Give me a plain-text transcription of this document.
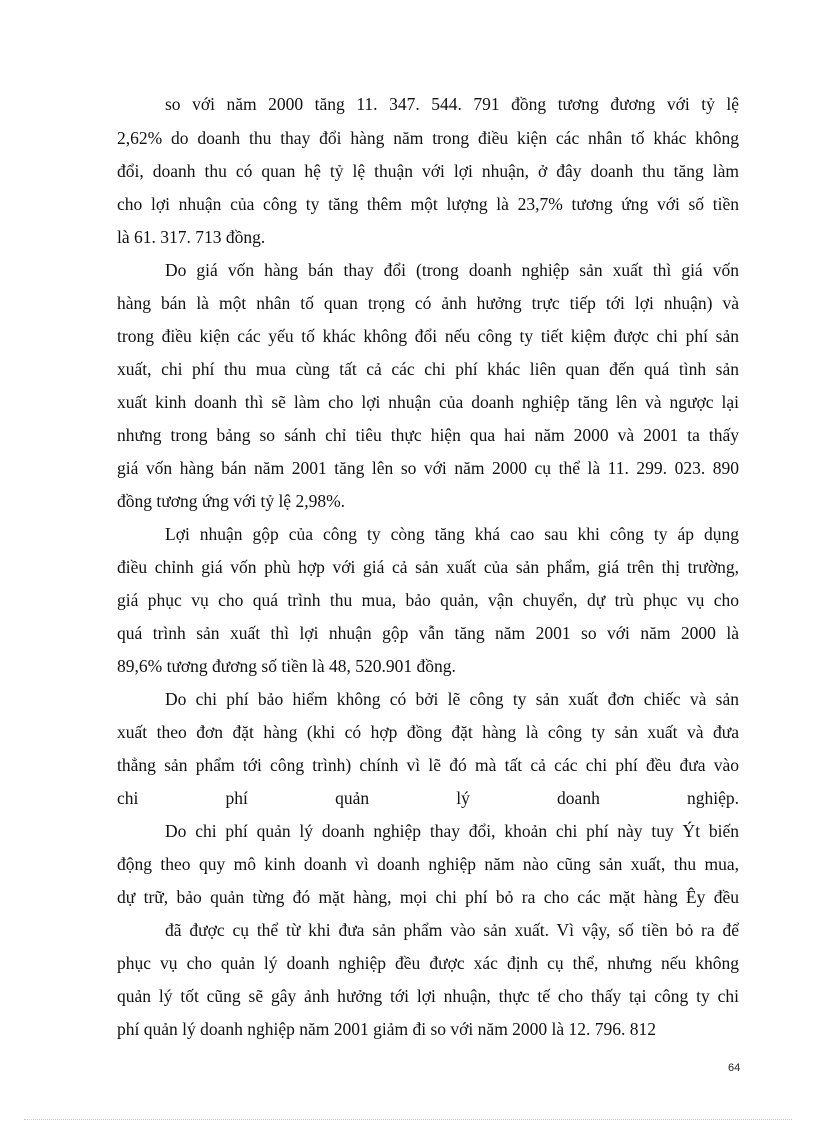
so với năm 2000 tăng 11. 347. 544. 791 đồng tương đương với tỷ lệ
2,62% do doanh thu thay đổi hàng năm trong điều kiện các nhân tố khác không
đổi, doanh thu có quan hệ tỷ lệ thuận với lợi nhuận, ở đây doanh thu tăng làm
cho lợi nhuận của công ty tăng thêm một lượng là 23,7% tương ứng với số tiền
là 61. 317. 713 đồng.
Do giá vốn hàng bán thay đổi (trong doanh nghiệp sản xuất thì giá vốn
hàng bán là một nhân tố quan trọng có ảnh hưởng trực tiếp tới lợi nhuận) và
trong điều kiện các yếu tố khác không đổi nếu công ty tiết kiệm được chi phí sản
xuất, chi phí thu mua cùng tất cả các chi phí khác liên quan đến quá tình sản
xuất kinh doanh thì sẽ làm cho lợi nhuận của doanh nghiệp tăng lên và ngược lại
nhưng trong bảng so sánh chỉ tiêu thực hiện qua hai năm 2000 và 2001 ta thấy
giá vốn hàng bán năm 2001 tăng lên so với năm 2000 cụ thể là 11. 299. 023. 890
đồng tương ứng với tỷ lệ 2,98%.
Lợi nhuận gộp của công ty còng tăng khá cao sau khi công ty áp dụng
điều chỉnh giá vốn phù hợp với giá cả sản xuất của sản phẩm, giá trên thị trường,
giá phục vụ cho quá trình thu mua, bảo quản, vận chuyển, dự trù phục vụ cho
quá trình sản xuất thì lợi nhuận gộp vẫn tăng năm 2001 so với năm 2000 là
89,6% tương đương số tiền là 48, 520.901 đồng.
Do chi phí bảo hiểm không có bởi lẽ công ty sản xuất đơn chiếc và sản
xuất theo đơn đặt hàng (khi có hợp đồng đặt hàng là công ty sản xuất và đưa
thẳng sản phẩm tới công trình) chính vì lẽ đó mà tất cả các chi phí đều đưa vào
chi	phí	quản	lý	doanh	nghiệp.
Do chi phí quản lý doanh nghiệp thay đổi, khoản chi phí này tuy Ýt biến
động theo quy mô kinh doanh vì doanh nghiệp năm nào cũng sản xuất, thu mua,
dự trữ, bảo quản từng đó mặt hàng, mọi chi phí bỏ ra cho các mặt hàng Êy đều
đã được cụ thể từ khi đưa sản phẩm vào sản xuất. Vì vậy, số tiền bỏ ra để
phục vụ cho quản lý doanh nghiệp đều được xác định cụ thể, nhưng nếu không
quản lý tốt cũng sẽ gây ảnh hưởng tới lợi nhuận, thực tế cho thấy tại công ty chi
phí quản lý doanh nghiệp năm 2001 giảm đi so với năm 2000 là 12. 796. 812
64
